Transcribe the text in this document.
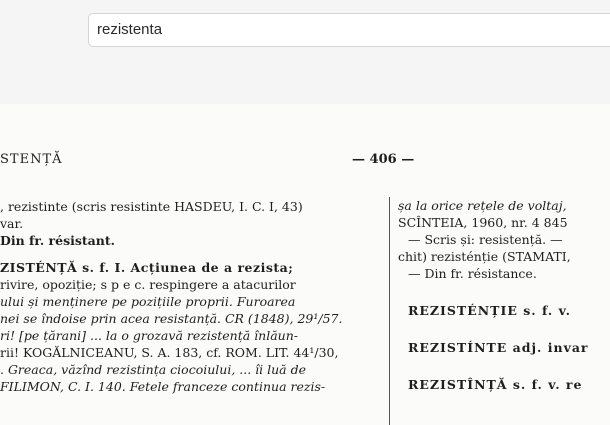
rezistenta
STENȚĂ	— 406 —

, rezistinte (scris resistinte HASDEU, I. C. I, 43)

var.

Din fr. résistant.

ZISTÉNȚĂ s. f. I. Acțiunea de a rezista;

rivire, opoziție; s p e c. respingere a atacurilor

ului și menținere pe pozițiile proprii. Furoarea

nei se îndoise prin acea resistanță. CR (1848), 29¹/57.

ri! [pe țărani] ... la o grozavă rezistență înlăun-

rii! KOGĂLNICEANU, S. A. 183, cf. ROM. LIT. 44¹/30,

. Greaca, văzînd rezistința ciocoiului, ... îi luă de

FILIMON, C. I. 140. Fetele franceze continua rezis-

șa la orice rețele de voltaj,

SCÎNTEIA, 1960, nr. 4 845

— Scris și: resistență. —

chit) rezisténție (STAMATI,

— Din fr. résistance.

REZISTÉNȚIE s. f. v.

REZISTÍNTE adj. invar

REZISTÎNȚĂ s. f. v. re
